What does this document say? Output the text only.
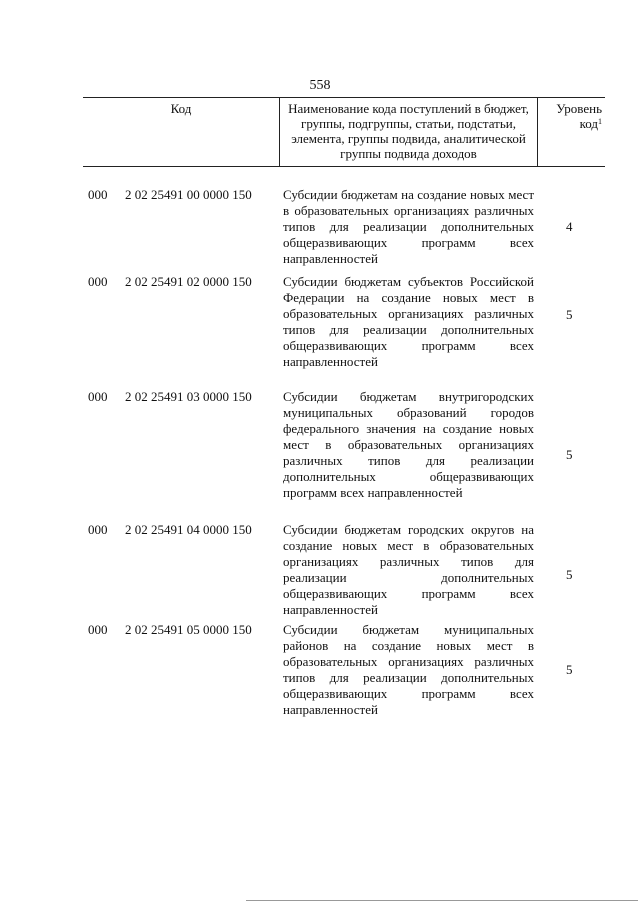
558
Код	Наименование кода поступлений в бюджет, группы, подгруппы, статьи, подстатьи, элемента, группы подвида, аналитической группы подвида доходов
Уровень код$^1$
000 2 02 25491 00 0000 150 Субсидии бюджетам на создание новых мест в образовательных организациях различных типов для реализации дополнительных общеразвивающих программ всех направленностей
4
000 2 02 25491 02 0000 150 Субсидии бюджетам субъектов Российской Федерации на создание новых мест в образовательных организациях различных типов для реализации дополнительных общеразвивающих программ всех направленностей
5
000 2 02 25491 03 0000 150 Субсидии бюджетам внутригородских муниципальных образований городов федерального значения на создание новых мест в образовательных организациях различных типов для реализации дополнительных общеразвивающих программ всех направленностей
5
000 2 02 25491 04 0000 150 Субсидии бюджетам городских округов на создание новых мест в образовательных организациях различных типов для реализации дополнительных общеразвивающих программ всех направленностей
5
000 2 02 25491 05 0000 150 Субсидии бюджетам муниципальных районов на создание новых мест в образовательных организациях различных типов для реализации дополнительных общеразвивающих программ всех направленностей
5
